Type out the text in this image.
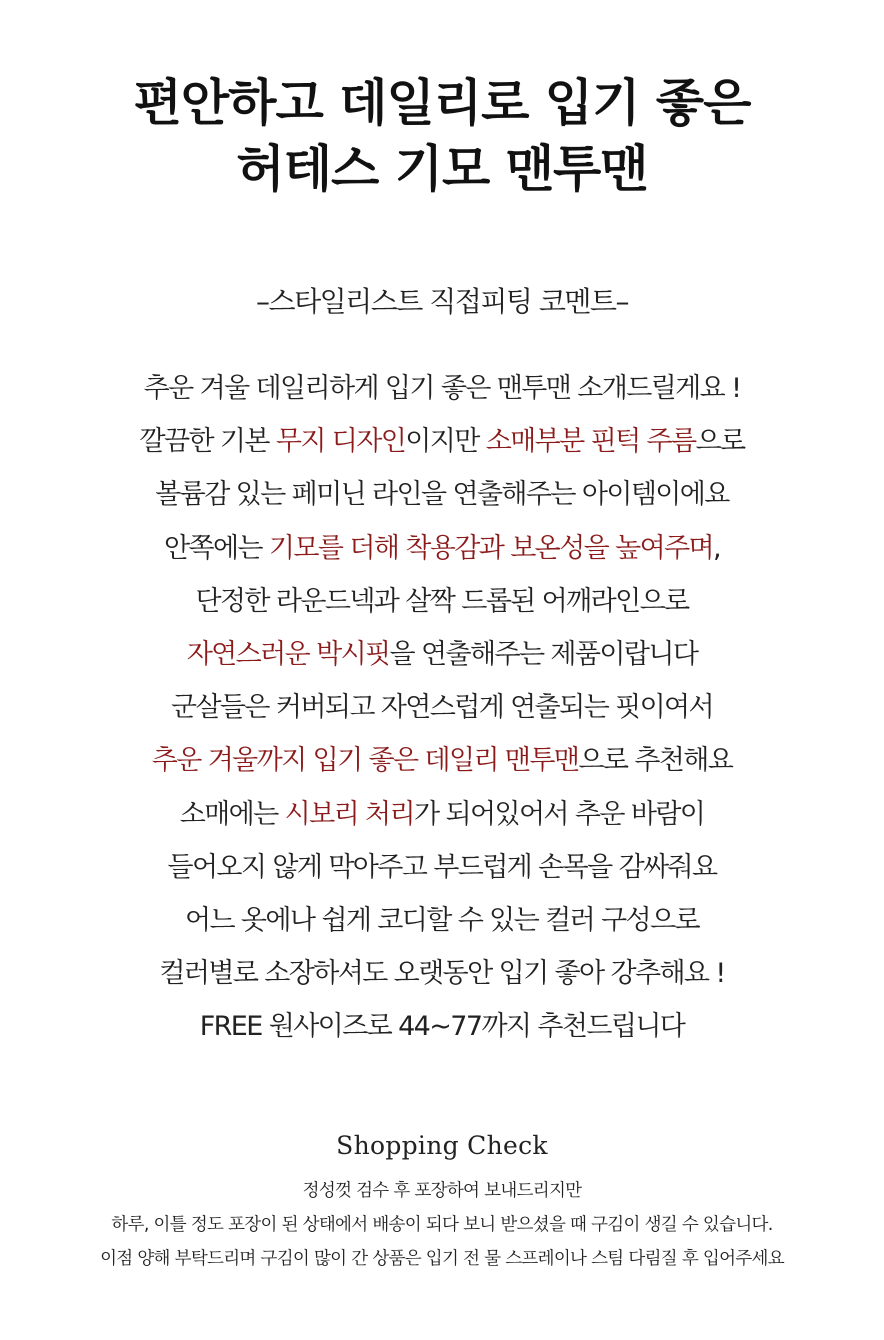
편안하고 데일리로 입기 좋은
허테스 기모 맨투맨
–스타일리스트 직접피팅 코멘트–
추운 겨울 데일리하게 입기 좋은 맨투맨 소개드릴게요 !
깔끔한 기본 무지 디자인이지만 소매부분 핀턱 주름으로
볼륨감 있는 페미닌 라인을 연출해주는 아이템이에요
안쪽에는 기모를 더해 착용감과 보온성을 높여주며,
단정한 라운드넥과 살짝 드롭된 어깨라인으로
자연스러운 박시핏을 연출해주는 제품이랍니다
군살들은 커버되고 자연스럽게 연출되는 핏이여서
추운 겨울까지 입기 좋은 데일리 맨투맨으로 추천해요
소매에는 시보리 처리가 되어있어서 추운 바람이
들어오지 않게 막아주고 부드럽게 손목을 감싸줘요
어느 옷에나 쉽게 코디할 수 있는 컬러 구성으로
컬러별로 소장하셔도 오랫동안 입기 좋아 강추해요 !
FREE 원사이즈로 44~77까지 추천드립니다
Shopping Check
정성껏 검수 후 포장하여 보내드리지만
하루, 이틀 정도 포장이 된 상태에서 배송이 되다 보니 받으셨을 때 구김이 생길 수 있습니다.
이점 양해 부탁드리며 구김이 많이 간 상품은 입기 전 물 스프레이나 스팀 다림질 후 입어주세요
